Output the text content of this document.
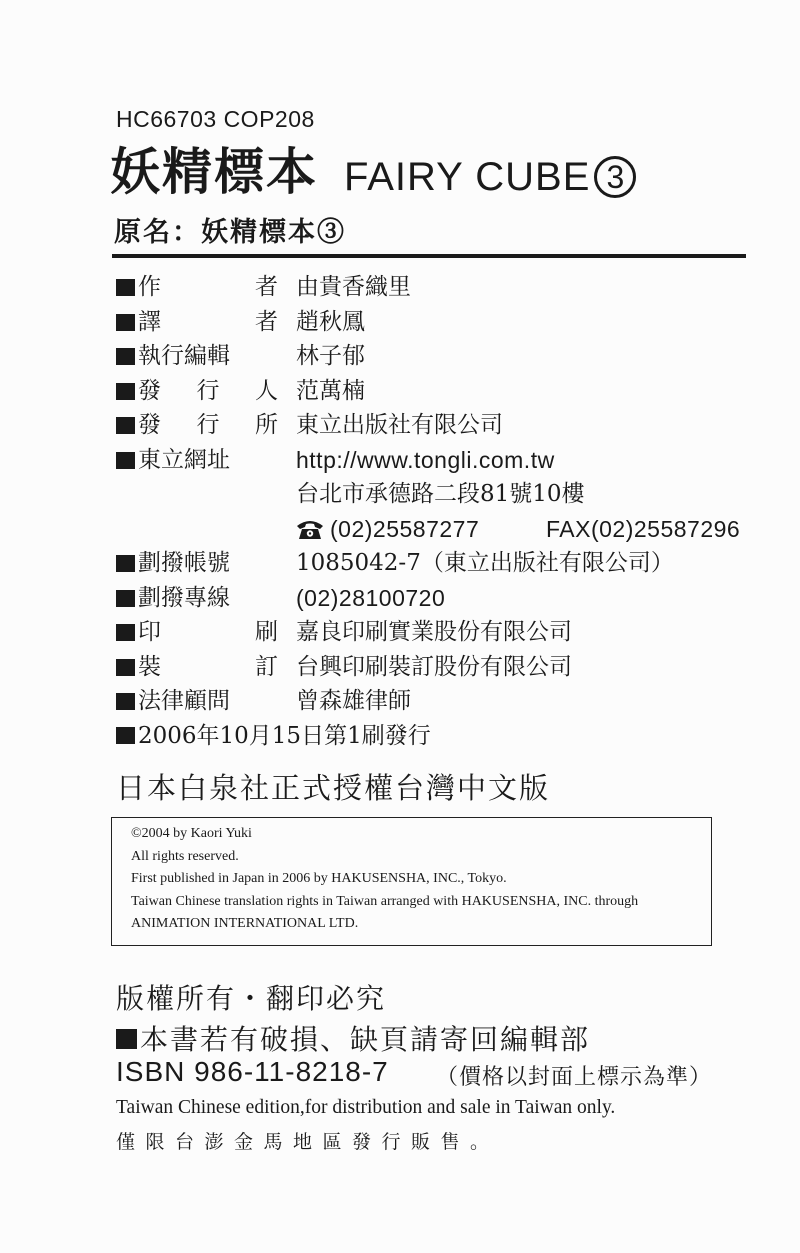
HC66703 COP208
妖精標本 FAIRY CUBE 3
原名：妖精標本③
作	者 由貴香織里
譯	者 趙秋鳳
執行編輯	林子郁
發 行 人 范萬楠
發 行 所 東立出版社有限公司
東立網址	http://www.tongli.com.tw
台北市承德路二段81號10樓
(02)25587277	FAX(02)25587296
劃撥帳號	1085042-7（東立出版社有限公司）
劃撥專線	(02)28100720
印	刷 嘉良印刷實業股份有限公司
裝	訂 台興印刷裝訂股份有限公司
法律顧問	曾森雄律師
2006年10月15日第1刷發行
日本白泉社正式授權台灣中文版
©2004 by Kaori Yuki
All rights reserved.
First published in Japan in 2006 by HAKUSENSHA, INC., Tokyo.
Taiwan Chinese translation rights in Taiwan arranged with HAKUSENSHA, INC. through
ANIMATION INTERNATIONAL LTD.
版權所有・翻印必究
本書若有破損、缺頁請寄回編輯部
ISBN 986-11-8218-7 （價格以封面上標示為準）
Taiwan Chinese edition,for distribution and sale in Taiwan only.
僅限台澎金馬地區發行販售。
